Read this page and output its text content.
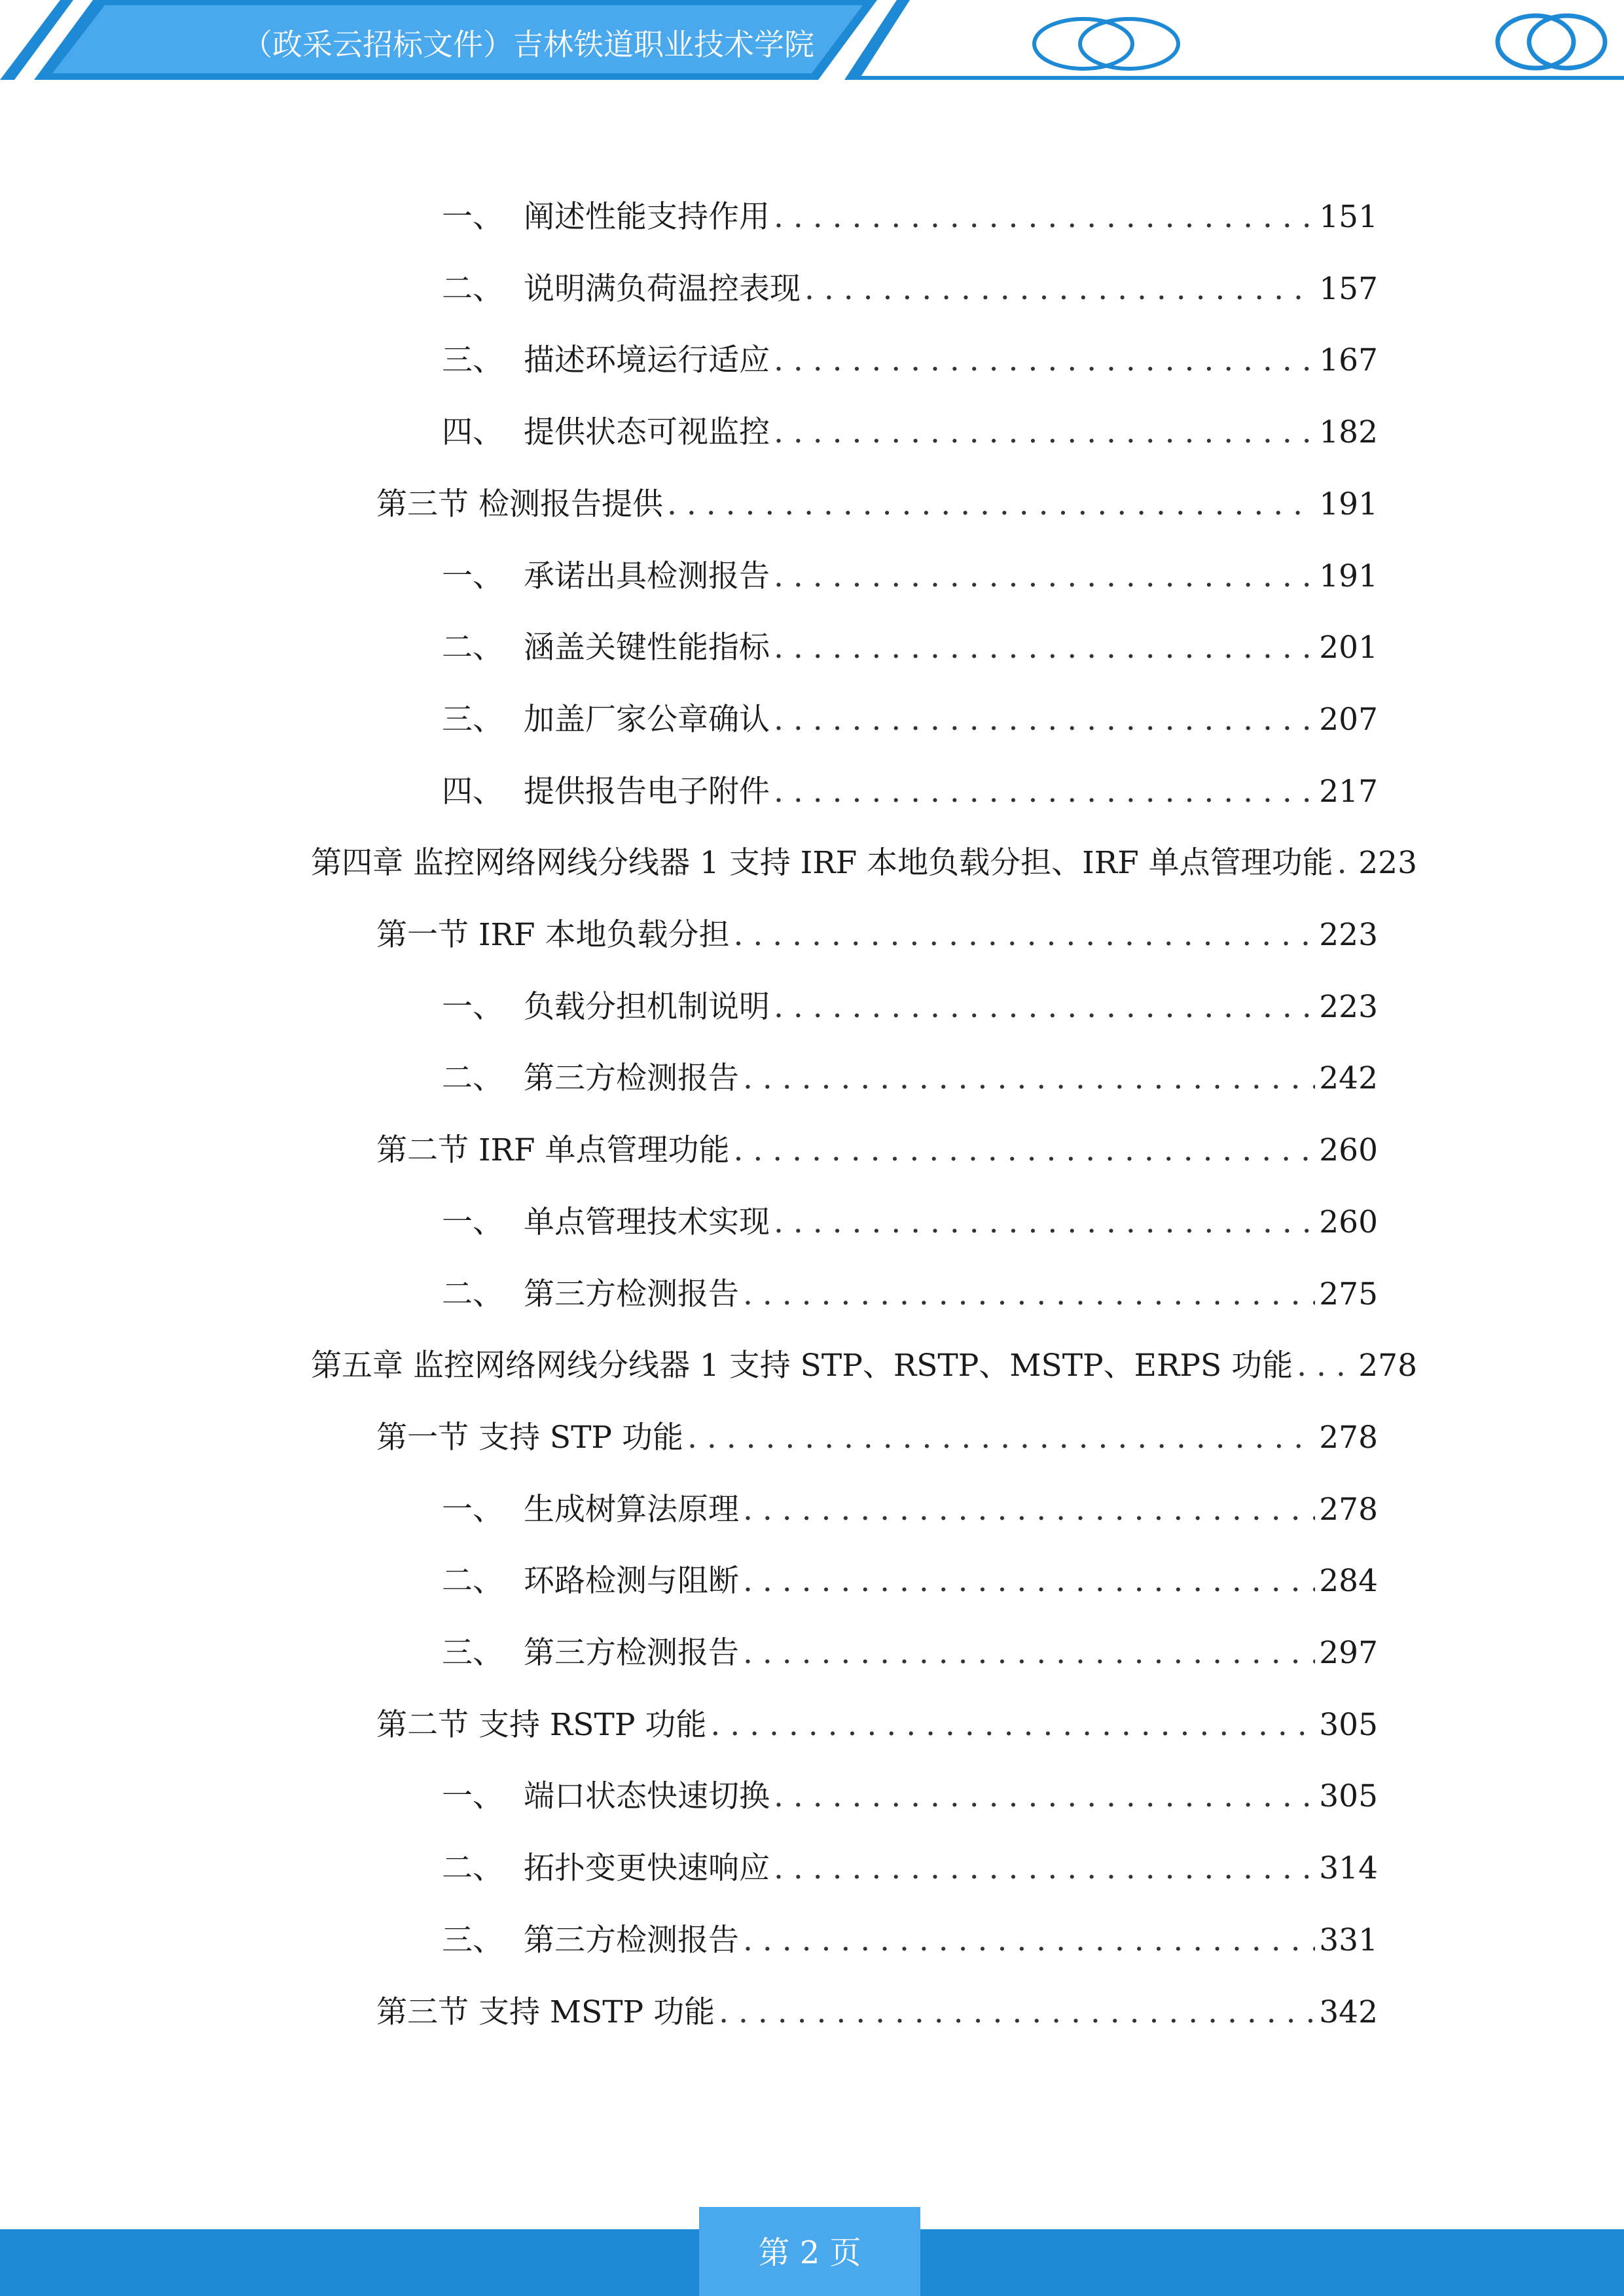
（政采云招标文件）吉林铁道职业技术学院
一、 阐述性能支持作用 . . .	151
二、 说明满负荷温控表现 . . .	157
三、 描述环境运行适应 . . .	167
四、 提供状态可视监控 . . .	182
第三节 检测报告提供 . . .	191
一、 承诺出具检测报告 . . .	191
二、 涵盖关键性能指标 . . .	201
三、 加盖厂家公章确认 . . .	207
四、 提供报告电子附件 . . .	217
第四章 监控网络网线分线器 1 支持 IRF 本地负载分担、IRF 单点管理功能 . . . 223
第一节 IRF 本地负载分担 . . .	223
一、 负载分担机制说明 . . .	223
二、 第三方检测报告 . . .	242
第二节 IRF 单点管理功能 . . .	260
一、 单点管理技术实现 . . .	260
二、 第三方检测报告 . . .	275
第五章 监控网络网线分线器 1 支持 STP、RSTP、MSTP、ERPS 功能 . . . 278
第一节 支持 STP 功能 . . .	278
一、 生成树算法原理 . . .	278
二、 环路检测与阻断 . . .	284
三、 第三方检测报告 . . .	297
第二节 支持 RSTP 功能 . . .	305
一、 端口状态快速切换 . . .	305
二、 拓扑变更快速响应 . . .	314
三、 第三方检测报告 . . .	331
第三节 支持 MSTP 功能 . . .	342
第 2 页
